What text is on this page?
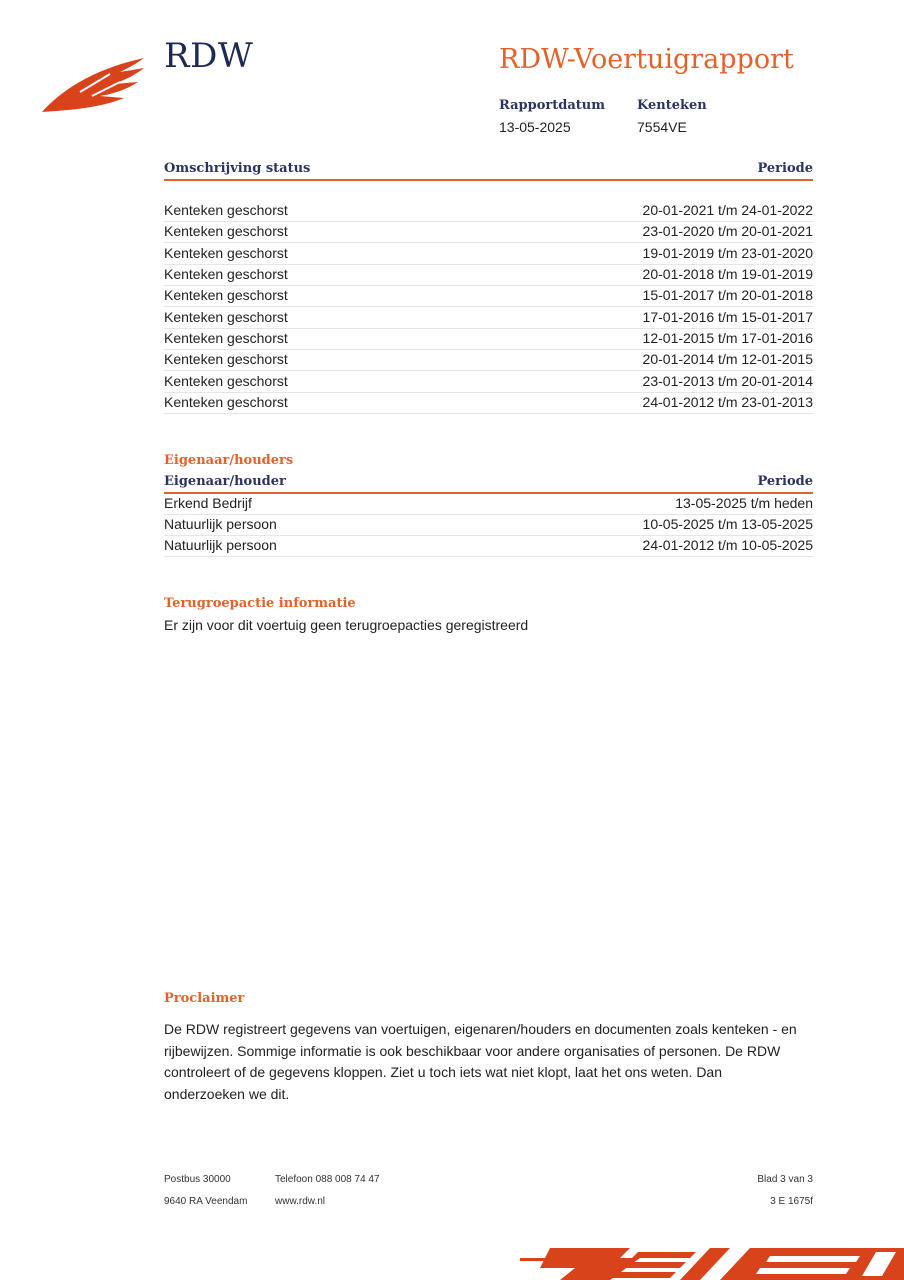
RDW	RDW-Voertuigrapport
Rapportdatum
13-05-2025
Kenteken
7554VE
Omschrijving status	Periode
Kenteken geschorst	20-01-2021 t/m 24-01-2022
Kenteken geschorst	23-01-2020 t/m 20-01-2021
Kenteken geschorst	19-01-2019 t/m 23-01-2020
Kenteken geschorst	20-01-2018 t/m 19-01-2019
Kenteken geschorst	15-01-2017 t/m 20-01-2018
Kenteken geschorst	17-01-2016 t/m 15-01-2017
Kenteken geschorst	12-01-2015 t/m 17-01-2016
Kenteken geschorst	20-01-2014 t/m 12-01-2015
Kenteken geschorst	23-01-2013 t/m 20-01-2014
Kenteken geschorst	24-01-2012 t/m 23-01-2013
Eigenaar/houders
Eigenaar/houder	Periode
Erkend Bedrijf	13-05-2025 t/m heden
Natuurlijk persoon	10-05-2025 t/m 13-05-2025
Natuurlijk persoon	24-01-2012 t/m 10-05-2025
Terugroepactie informatie
Er zijn voor dit voertuig geen terugroepacties geregistreerd
Proclaimer
De RDW registreert gegevens van voertuigen, eigenaren/houders en documenten zoals kenteken - en rijbewijzen. Sommige informatie is ook beschikbaar voor andere organisaties of personen. De RDW controleert of de gegevens kloppen. Ziet u toch iets wat niet klopt, laat het ons weten. Dan onderzoeken we dit.
Postbus 30000
9640 RA Veendam
Telefoon 088 008 74 47
www.rdw.nl
Blad 3 van 3
3 E 1675f
